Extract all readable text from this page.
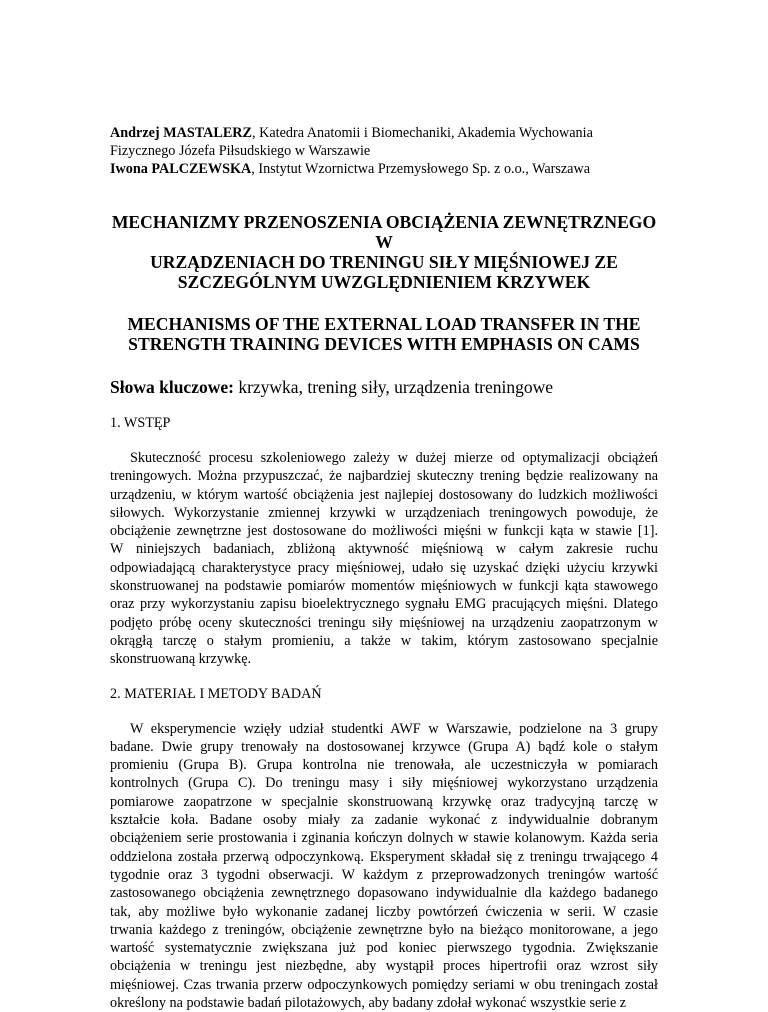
Andrzej MASTALERZ, Katedra Anatomii i Biomechaniki, Akademia Wychowania
Fizycznego Józefa Piłsudskiego w Warszawie
Iwona PALCZEWSKA, Instytut Wzornictwa Przemysłowego Sp. z o.o., Warszawa
MECHANIZMY PRZENOSZENIA OBCIĄŻENIA ZEWNĘTRZNEGO W
URZĄDZENIACH DO TRENINGU SIŁY MIĘŚNIOWEJ ZE
SZCZEGÓLNYM UWZGLĘDNIENIEM KRZYWEK
MECHANISMS OF THE EXTERNAL LOAD TRANSFER IN THE
STRENGTH TRAINING DEVICES WITH EMPHASIS ON CAMS
Słowa kluczowe: krzywka, trening siły, urządzenia treningowe
1. WSTĘP
Skuteczność procesu szkoleniowego zależy w dużej mierze od optymalizacji obciążeń
treningowych. Można przypuszczać, że najbardziej skuteczny trening będzie realizowany na
urządzeniu, w którym wartość obciążenia jest najlepiej dostosowany do ludzkich możliwości
siłowych. Wykorzystanie zmiennej krzywki w urządzeniach treningowych powoduje, że
obciążenie zewnętrzne jest dostosowane do możliwości mięśni w funkcji kąta w stawie [1].
W niniejszych badaniach, zbliżoną aktywność mięśniową w całym zakresie ruchu
odpowiadającą charakterystyce pracy mięśniowej, udało się uzyskać dzięki użyciu krzywki
skonstruowanej na podstawie pomiarów momentów mięśniowych w funkcji kąta stawowego
oraz przy wykorzystaniu zapisu bioelektrycznego sygnału EMG pracujących mięśni. Dlatego
podjęto próbę oceny skuteczności treningu siły mięśniowej na urządzeniu zaopatrzonym w
okrągłą tarczę o stałym promieniu, a także w takim, którym zastosowano specjalnie
skonstruowaną krzywkę.
2. MATERIAŁ I METODY BADAŃ
W eksperymencie wzięły udział studentki AWF w Warszawie, podzielone na 3 grupy
badane. Dwie grupy trenowały na dostosowanej krzywce (Grupa A) bądź kole o stałym
promieniu (Grupa B). Grupa kontrolna nie trenowała, ale uczestniczyła w pomiarach
kontrolnych (Grupa C). Do treningu masy i siły mięśniowej wykorzystano urządzenia
pomiarowe zaopatrzone w specjalnie skonstruowaną krzywkę oraz tradycyjną tarczę w
kształcie koła. Badane osoby miały za zadanie wykonać z indywidualnie dobranym
obciążeniem serie prostowania i zginania kończyn dolnych w stawie kolanowym. Każda seria
oddzielona została przerwą odpoczynkową. Eksperyment składał się z treningu trwającego 4
tygodnie oraz 3 tygodni obserwacji. W każdym z przeprowadzonych treningów wartość
zastosowanego obciążenia zewnętrznego dopasowano indywidualnie dla każdego badanego
tak, aby możliwe było wykonanie zadanej liczby powtórzeń ćwiczenia w serii. W czasie
trwania każdego z treningów, obciążenie zewnętrzne było na bieżąco monitorowane, a jego
wartość systematycznie zwiększana już pod koniec pierwszego tygodnia. Zwiększanie
obciążenia w treningu jest niezbędne, aby wystąpił proces hipertrofii oraz wzrost siły
mięśniowej. Czas trwania przerw odpoczynkowych pomiędzy seriami w obu treningach został
określony na podstawie badań pilotażowych, aby badany zdołał wykonać wszystkie serie z
